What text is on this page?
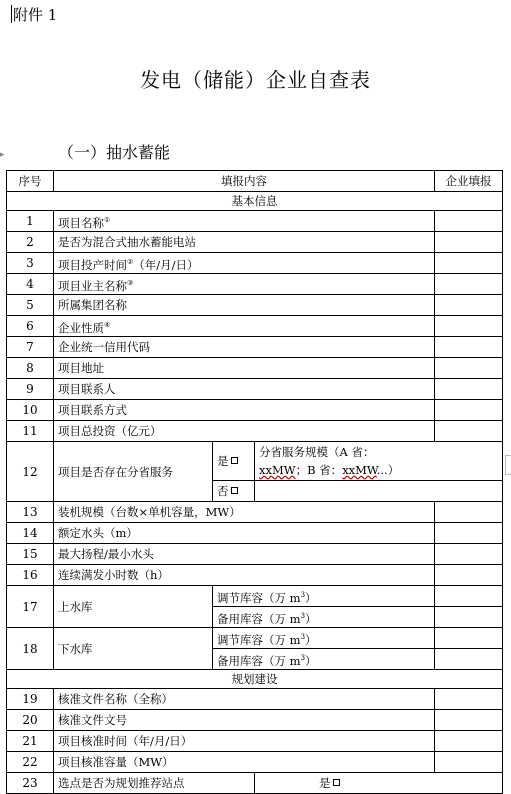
附件 1
发电（储能）企业自查表
▸	（一）抽水蓄能
序号	填报内容			企业填报
基本信息				
1	项目名称①	
2	是否为混合式抽水蓄能电站			
3	项目投产时间②（年/月/日）			
4	项目业主名称③	
5	所属集团名称			
6	企业性质④	
7	企业统一信用代码			
8	项目地址			
9	项目联系人			
10	项目联系方式			
11	项目总投资（亿元）			
12	项目是否存在分省服务	是	分省服务规模（A 省：
xxMW；B 省：xxMW...）	
		否		
13	装机规模（台数×单机容量，MW）			
14	额定水头（m）			
15	最大扬程/最小水头			
16	连续满发小时数（h）			
17	上水库	调节库容（万 $m^3$）		
		备用库容（万 $m^3$）		
18	下水库	调节库容（万 $m^3$）		
		备用库容（万 $m^3$）		
规划建设				
19	核准文件名称（全称）			
20	核准文件文号			
21	项目核准时间（年/月/日）			
22	项目核准容量（MW）			
23	选点是否为规划推荐站点		是	
